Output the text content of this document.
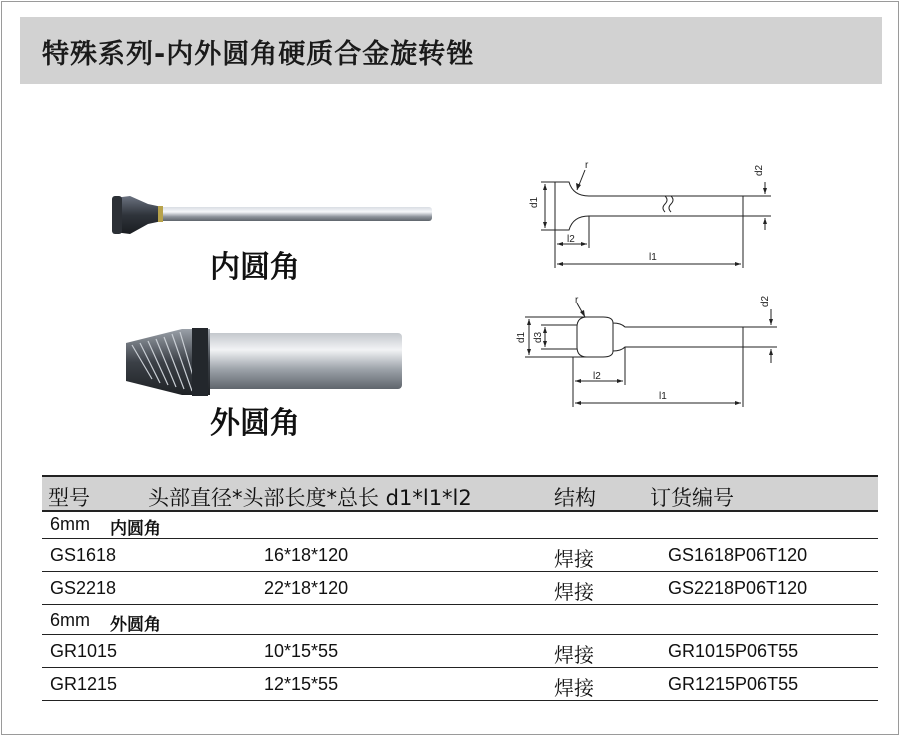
特殊系列-内外圆角硬质合金旋转锉
内圆角
外圆角
d1
d2
l2
l1
r
d1 d3
d2
l2
l1
r
型号	头部直径*头部长度*总长 d1*l1*l2	结构	订货编号
6mm 内圆角
GS1618	16*18*120	焊接	GS1618P06T120
GS2218	22*18*120	焊接	GS2218P06T120
6mm 外圆角
GR1015	10*15*55	焊接	GR1015P06T55
GR1215	12*15*55	焊接	GR1215P06T55
